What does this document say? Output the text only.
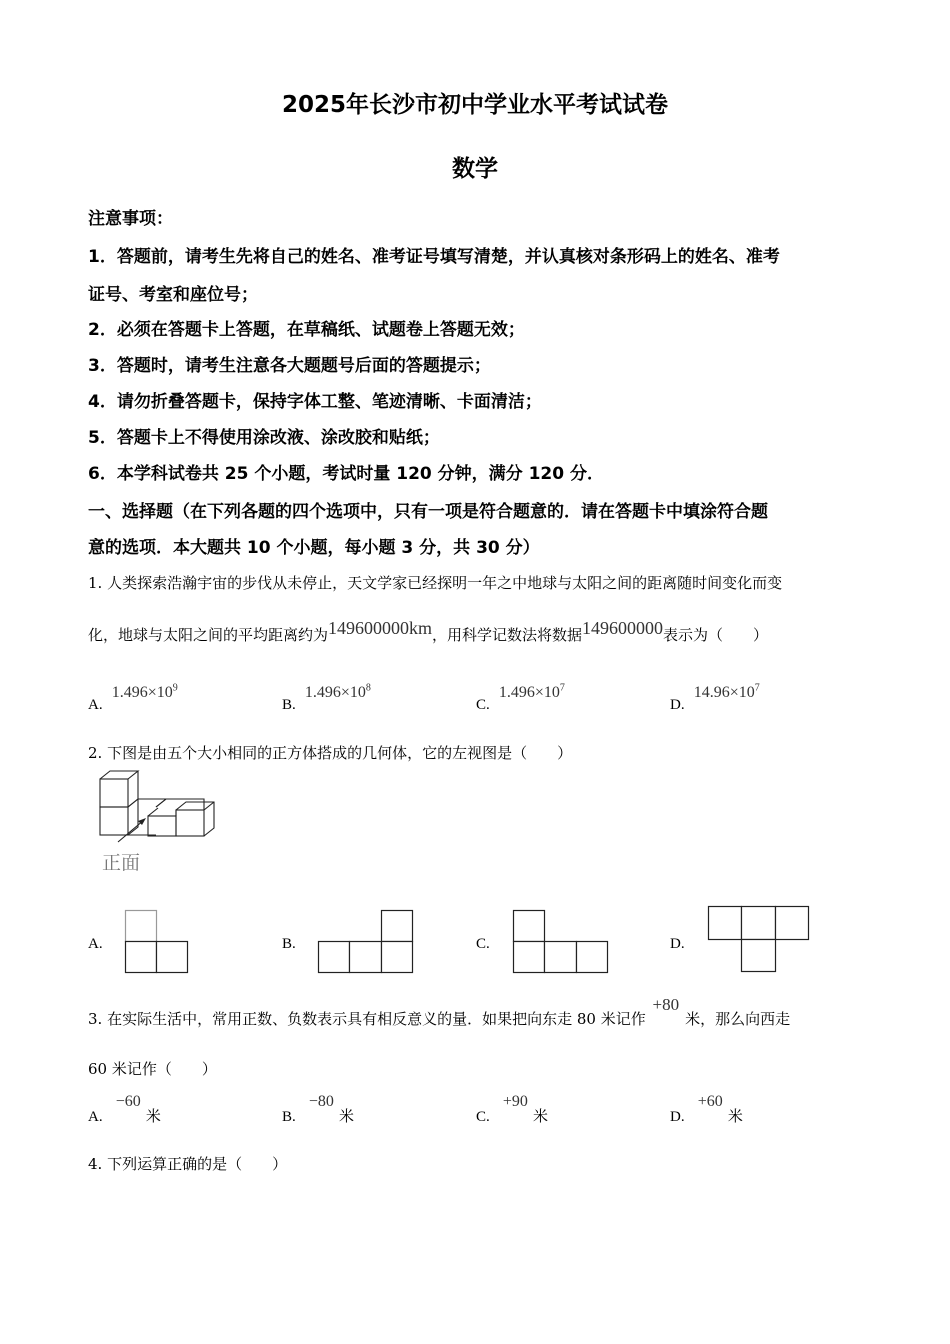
2025年长沙市初中学业水平考试试卷
数学
注意事项：
1．答题前，请考生先将自己的姓名、准考证号填写清楚，并认真核对条形码上的姓名、准考
证号、考室和座位号；
2．必须在答题卡上答题，在草稿纸、试题卷上答题无效；
3．答题时，请考生注意各大题题号后面的答题提示；
4．请勿折叠答题卡，保持字体工整、笔迹清晰、卡面清洁；
5．答题卡上不得使用涂改液、涂改胶和贴纸；
6．本学科试卷共 25 个小题，考试时量 120 分钟，满分 120 分．
一、选择题（在下列各题的四个选项中，只有一项是符合题意的．请在答题卡中填涂符合题
意的选项．本大题共 10 个小题，每小题 3 分，共 30 分）
1. 人类探索浩瀚宇宙的步伐从未停止，天文学家已经探明一年之中地球与太阳之间的距离随时间变化而变
化，地球与太阳之间的平均距离约为149600000km，用科学记数法将数据149600000表示为（　　）
A. $1.496\times 10^9$
B. $1.496\times 10^8$
C. $1.496\times 10^7$
D. $14.96\times 10^7$
2. 下图是由五个大小相同的正方体搭成的几何体，它的左视图是（　　）
正面
A.	B.	C.	D.
3. 在实际生活中，常用正数、负数表示具有相反意义的量．如果把向东走 80 米记作 +80米，那么向西走
60 米记作（　　）
A. −60 米	B. −80 米	C. +90 米	D. +60 米
4. 下列运算正确的是（　　）
